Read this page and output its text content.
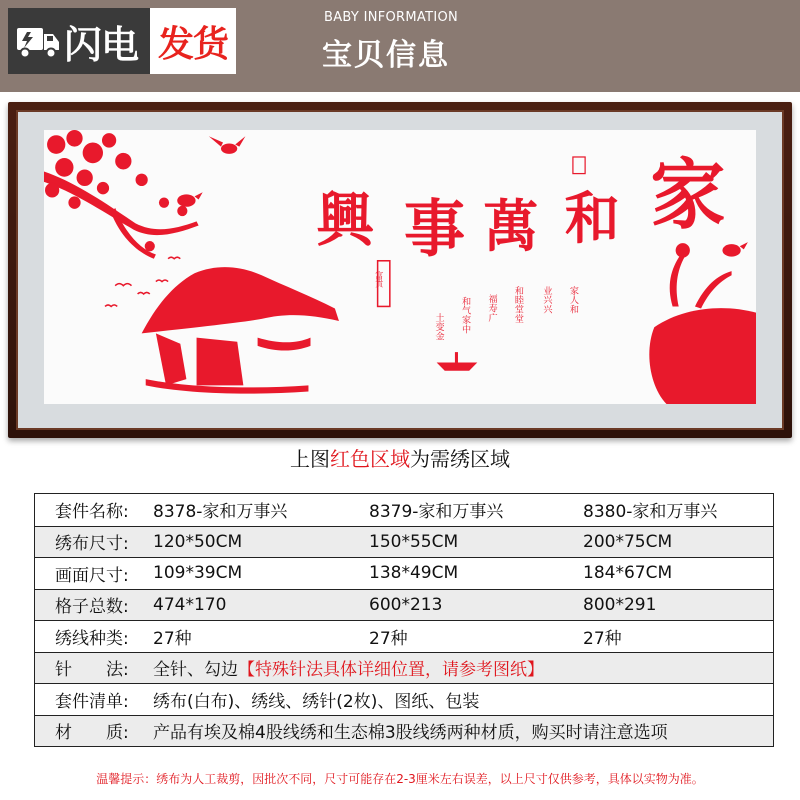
闪电 发货
BABY INFORMATION
宝贝信息
家
和
萬
事
興
富貴
家人和
业兴兴
和睦堂堂
福寿广
和气家中
土变金
上图红色区域为需绣区域
套件名称:	8378-家和万事兴	8379-家和万事兴	8380-家和万事兴
绣布尺寸:	120*50CM	150*55CM	200*75CM
画面尺寸:	109*39CM	138*49CM	184*67CM
格子总数:	474*170	600*213	800*291
绣线种类:	27种	27种	27种
针　　法:	全针、勾边【特殊针法具体详细位置，请参考图纸】
套件清单:	绣布(白布)、绣线、绣针(2枚)、图纸、包装
材　　质:	产品有埃及棉4股线绣和生态棉3股线绣两种材质，购买时请注意选项
温馨提示：绣布为人工裁剪，因批次不同，尺寸可能存在2-3厘米左右误差，以上尺寸仅供参考，具体以实物为准。
